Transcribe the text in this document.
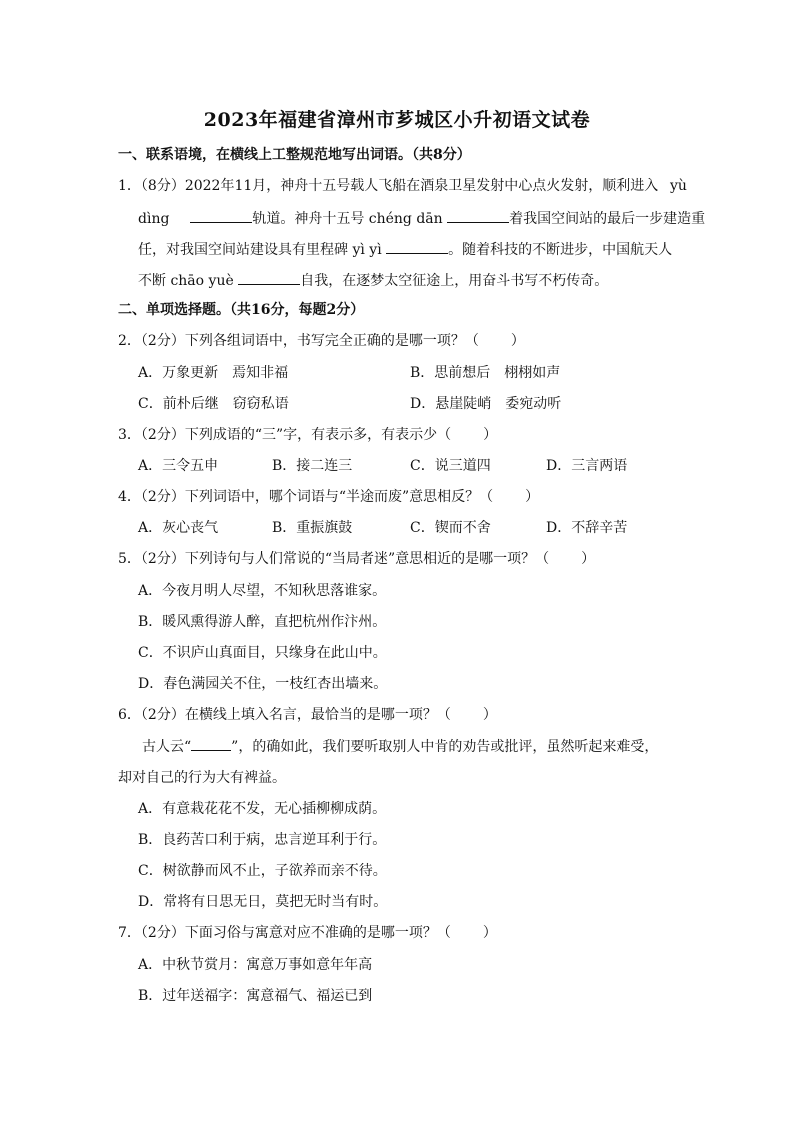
2023年福建省漳州市芗城区小升初语文试卷
一、联系语境，在横线上工整规范地写出词语。（共8分）
1．（8分）2022年11月，神舟十五号载人飞船在酒泉卫星发射中心点火发射，顺利进入 yù
dìng	轨道。神舟十五号 chéng dān	着我国空间站的最后一步建造重
任，对我国空间站建设具有里程碑 yì yì	。随着科技的不断进步，中国航天人
不断 chāo yuè	自我，在逐梦太空征途上，用奋斗书写不朽传奇。
二、单项选择题。（共16分，每题2分）
2．（2分）下列各组词语中，书写完全正确的是哪一项？（ ）
A．万象更新　焉知非福	B．思前想后　栩栩如声
C．前朴后继　窃窃私语	D．悬崖陡峭　委宛动听
3．（2分）下列成语的“三”字，有表示多，有表示少（ ）
A．三令五申	B．接二连三	C．说三道四	D．三言两语
4．（2分）下列词语中，哪个词语与“半途而废”意思相反？（ ）
A．灰心丧气	B．重振旗鼓	C．锲而不舍	D．不辞辛苦
5．（2分）下列诗句与人们常说的“当局者迷”意思相近的是哪一项？（ ）
A．今夜月明人尽望，不知秋思落谁家。
B．暖风熏得游人醉，直把杭州作汴州。
C．不识庐山真面目，只缘身在此山中。
D．春色满园关不住，一枝红杏出墙来。
6．（2分）在横线上填入名言，最恰当的是哪一项？（ ）
古人云“	”，的确如此，我们要听取别人中肯的劝告或批评，虽然听起来难受，
却对自己的行为大有裨益。
A．有意栽花花不发，无心插柳柳成荫。
B．良药苦口利于病，忠言逆耳利于行。
C．树欲静而风不止，子欲养而亲不待。
D．常将有日思无日，莫把无时当有时。
7．（2分）下面习俗与寓意对应不准确的是哪一项？（ ）
A．中秋节赏月：寓意万事如意年年高
B．过年送福字：寓意福气、福运已到
